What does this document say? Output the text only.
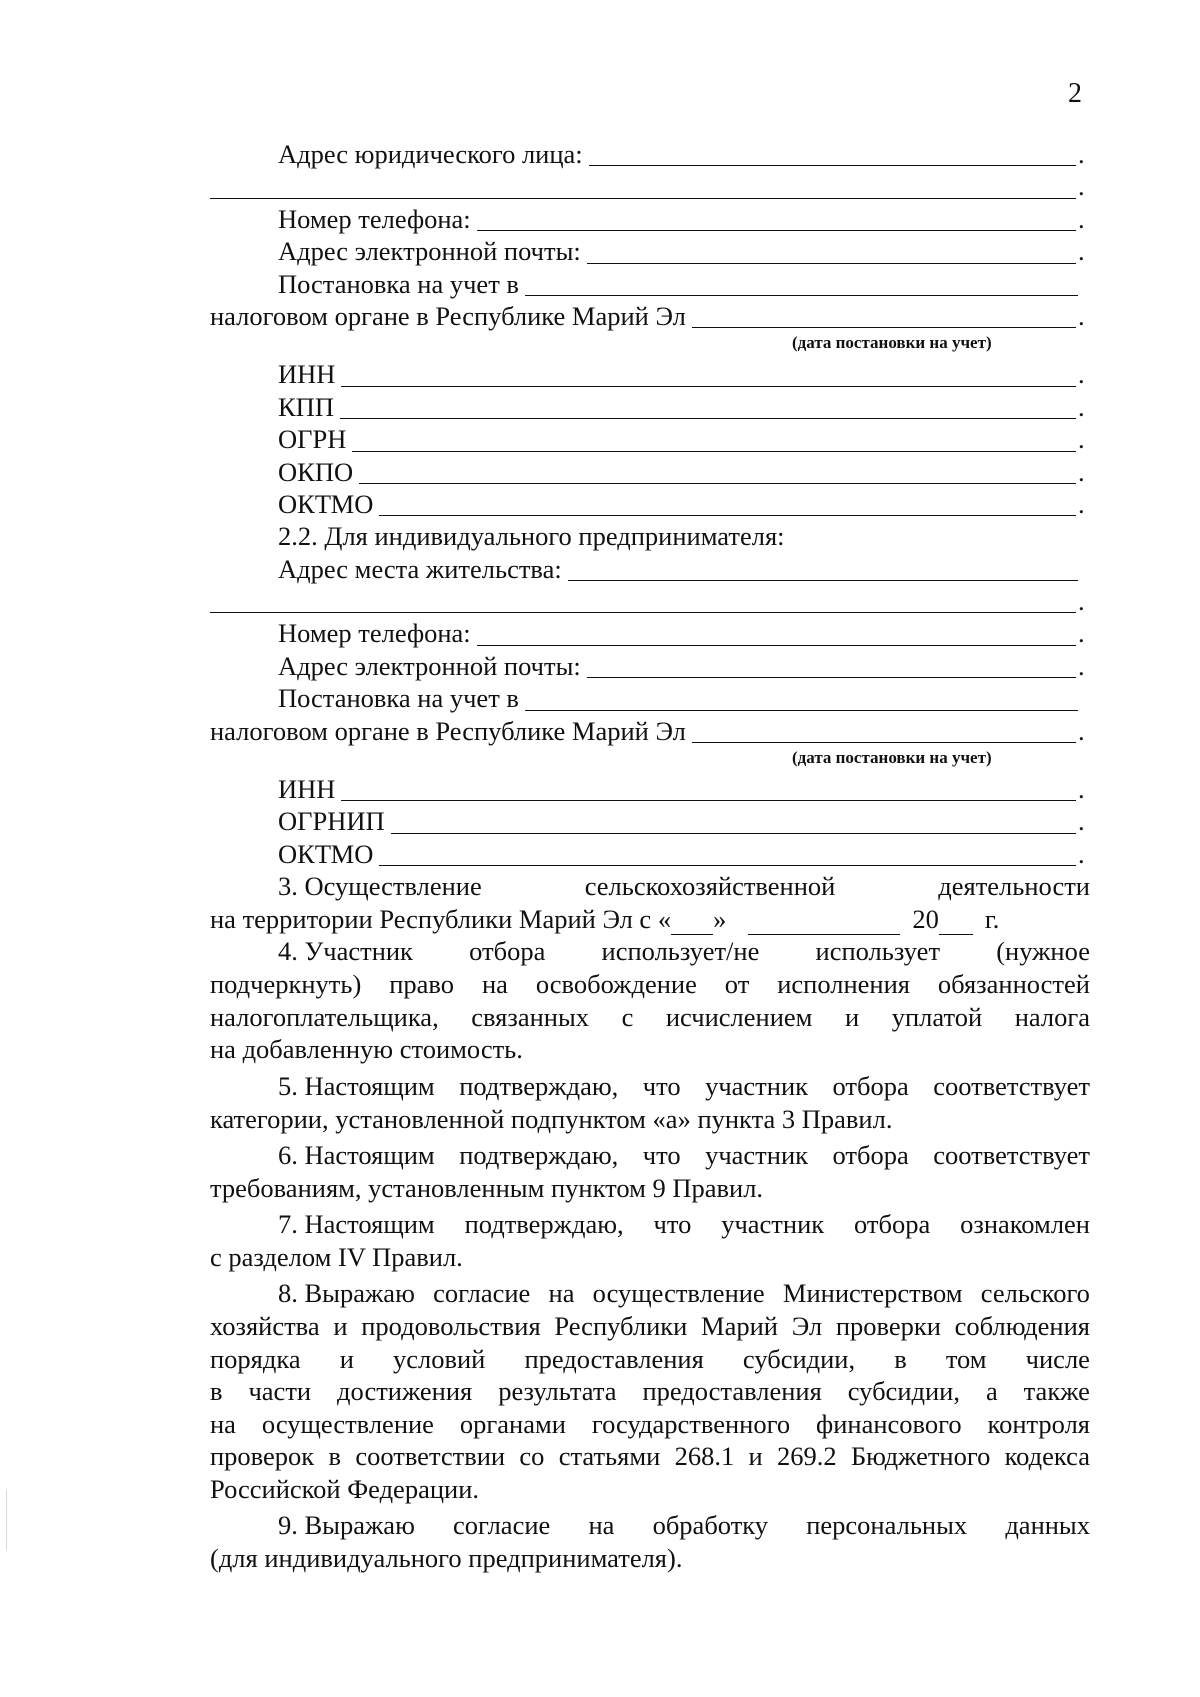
2
Адрес юридического лица:	.
.
Номер телефона:	.
Адрес электронной почты:	.
Постановка на учет в
налоговом органе в Республике Марий Эл	.
(дата постановки на учет)
ИНН	.
КПП	.
ОГРН	.
ОКПО	.
ОКТМО	.
2.2. Для индивидуального предпринимателя:
Адрес места жительства:
.
Номер телефона:	.
Адрес электронной почты:	.
Постановка на учет в
налоговом органе в Республике Марий Эл	.
(дата постановки на учет)
ИНН	.
ОГРНИП	.
ОКТМО	.
3. Осуществление	сельскохозяйственной	деятельности
на территории Республики Марий Эл с « »	20 г.
4. Участник отбора использует/не использует (нужное
подчеркнуть) право на освобождение от исполнения обязанностей
налогоплательщика, связанных с исчислением и уплатой налога
на добавленную стоимость.
5. Настоящим подтверждаю, что участник отбора соответствует
категории, установленной подпунктом «а» пункта 3 Правил.
6. Настоящим подтверждаю, что участник отбора соответствует
требованиям, установленным пунктом 9 Правил.
7. Настоящим подтверждаю, что участник отбора ознакомлен
с разделом IV Правил.
8. Выражаю согласие на осуществление Министерством сельского
хозяйства и продовольствия Республики Марий Эл проверки соблюдения
порядка и условий предоставления субсидии, в том числе
в части достижения результата предоставления субсидии, а также
на осуществление органами государственного финансового контроля
проверок в соответствии со статьями 268.1 и 269.2 Бюджетного кодекса
Российской Федерации.
9. Выражаю согласие на обработку персональных данных
(для индивидуального предпринимателя).
